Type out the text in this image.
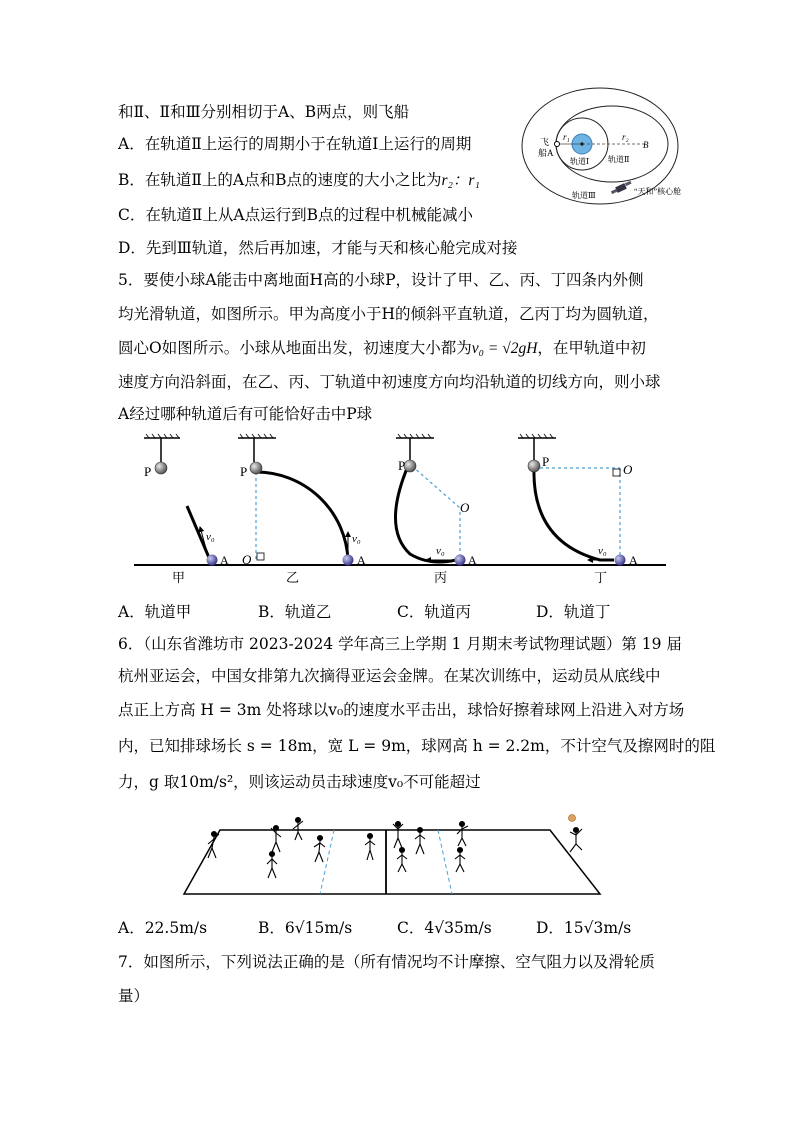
和Ⅱ、Ⅱ和Ⅲ分别相切于A、B两点，则飞船
A．在轨道Ⅱ上运行的周期小于在轨道Ⅰ上运行的周期
B．在轨道Ⅱ上的A点和B点的速度的大小之比为r₂：r₁
C．在轨道Ⅱ上从A点运行到B点的过程中机械能减小
D．先到Ⅲ轨道，然后再加速，才能与天和核心舱完成对接
飞
船A
r₁	r₂
B
轨道Ⅰ 轨道Ⅱ
轨道Ⅲ	“天和”核心舱
5．要使小球A能击中离地面H高的小球P，设计了甲、乙、丙、丁四条内外侧
均光滑轨道，如图所示。甲为高度小于H的倾斜平直轨道，乙丙丁均为圆轨道，
圆心O如图所示。小球从地面出发，初速度大小都为v₀ = √2gH，在甲轨道中初
速度方向沿斜面，在乙、丙、丁轨道中初速度方向均沿轨道的切线方向，则小球
A经过哪种轨道后有可能恰好击中P球
P
v₀
A
甲
P
O
v₀
A
乙
P
O
v₀
A
丙
P
O
v₀
A
丁
A．轨道甲	B．轨道乙	C．轨道丙	D．轨道丁
6．（山东省潍坊市 2023-2024 学年高三上学期 1 月期末考试物理试题）第 19 届
杭州亚运会，中国女排第九次摘得亚运会金牌。在某次训练中，运动员从底线中
点正上方高 H = 3m 处将球以v₀的速度水平击出，球恰好擦着球网上沿进入对方场
内，已知排球场长 s = 18m，宽 L = 9m，球网高 h = 2.2m，不计空气及擦网时的阻
力，g 取10m/s²，则该运动员击球速度v₀不可能超过
A．22.5m/s	B．6√15m/s	C．4√35m/s	D．15√3m/s
7．如图所示，下列说法正确的是（所有情况均不计摩擦、空气阻力以及滑轮质
量）
